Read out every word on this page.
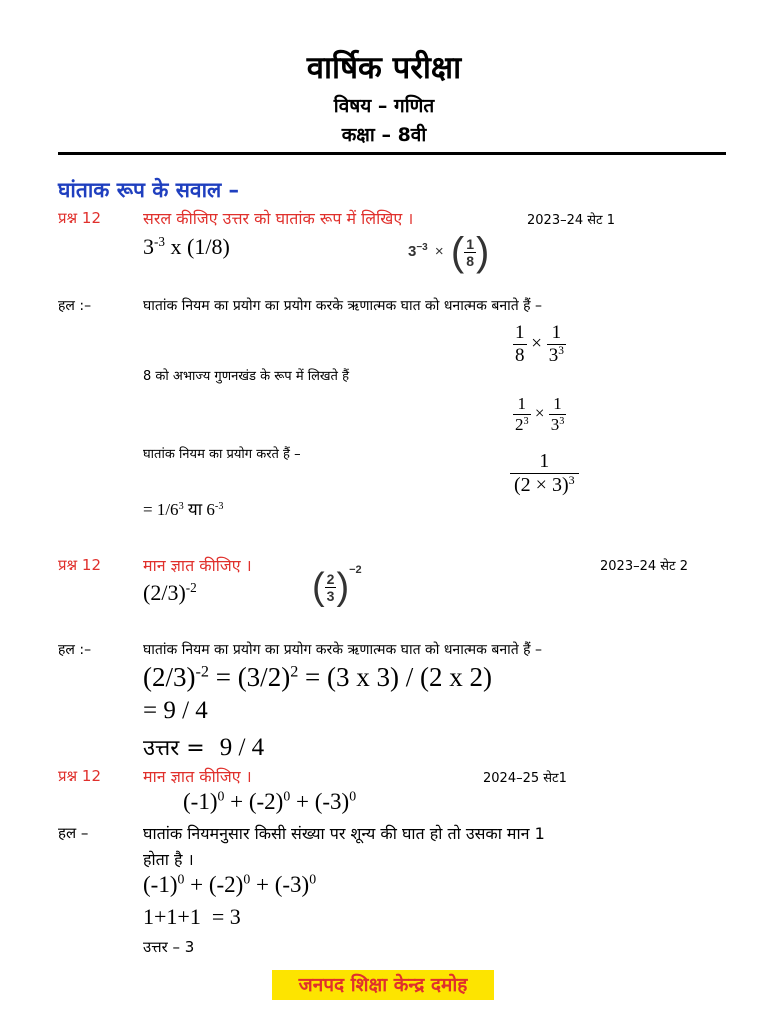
वार्षिक परीक्षा
विषय – गणित
कक्षा – 8वी
घांताक रूप के सवाल –
प्रश्न 12	सरल कीजिए उत्तर को घातांक रूप में लिखिए ।	2023–24 सेट 1
$3^{-3}$ x (1/8)	$3^{-3}$ × ( $\frac{1}{8}$ )
हल :–	घातांक नियम का प्रयोग का प्रयोग करके ऋणात्मक घात को धनात्मक बनाते हैं –
$\frac{1}{8} \times \frac{1}{3^3}$
8 को अभाज्य गुणनखंड के रूप में लिखते हैं
$\frac{1}{2^3} \times \frac{1}{3^3}$
घातांक नियम का प्रयोग करते हैं –	$\frac{1}{(2 \times 3)^3}$
= $1/6^3$ या $6^{-3}$
प्रश्न 12	मान ज्ञात कीजिए ।	2023–24 सेट 2
$(2/3)^{-2}$	( $\frac{2}{3} )^{-2}$
हल :–	घातांक नियम का प्रयोग का प्रयोग करके ऋणात्मक घात को धनात्मक बनाते हैं –
$(2/3)^{-2} = (3/2)^2 = (3$ x 3) / (2 x 2)
= 9 / 4
उत्तर = 9 / 4
प्रश्न 12	मान ज्ञात कीजिए ।	2024–25 सेट1
$(-1)^0 + (-2)^0 + (-3)^0$
हल –	घातांक नियमनुसार किसी संख्या पर शून्य की घात हो तो उसका मान 1
होता है ।
$(-1)^0 + (-2)^0 + (-3)^0$
1+1+1  = 3
उत्तर – 3
जनपद शिक्षा केन्द्र दमोह
